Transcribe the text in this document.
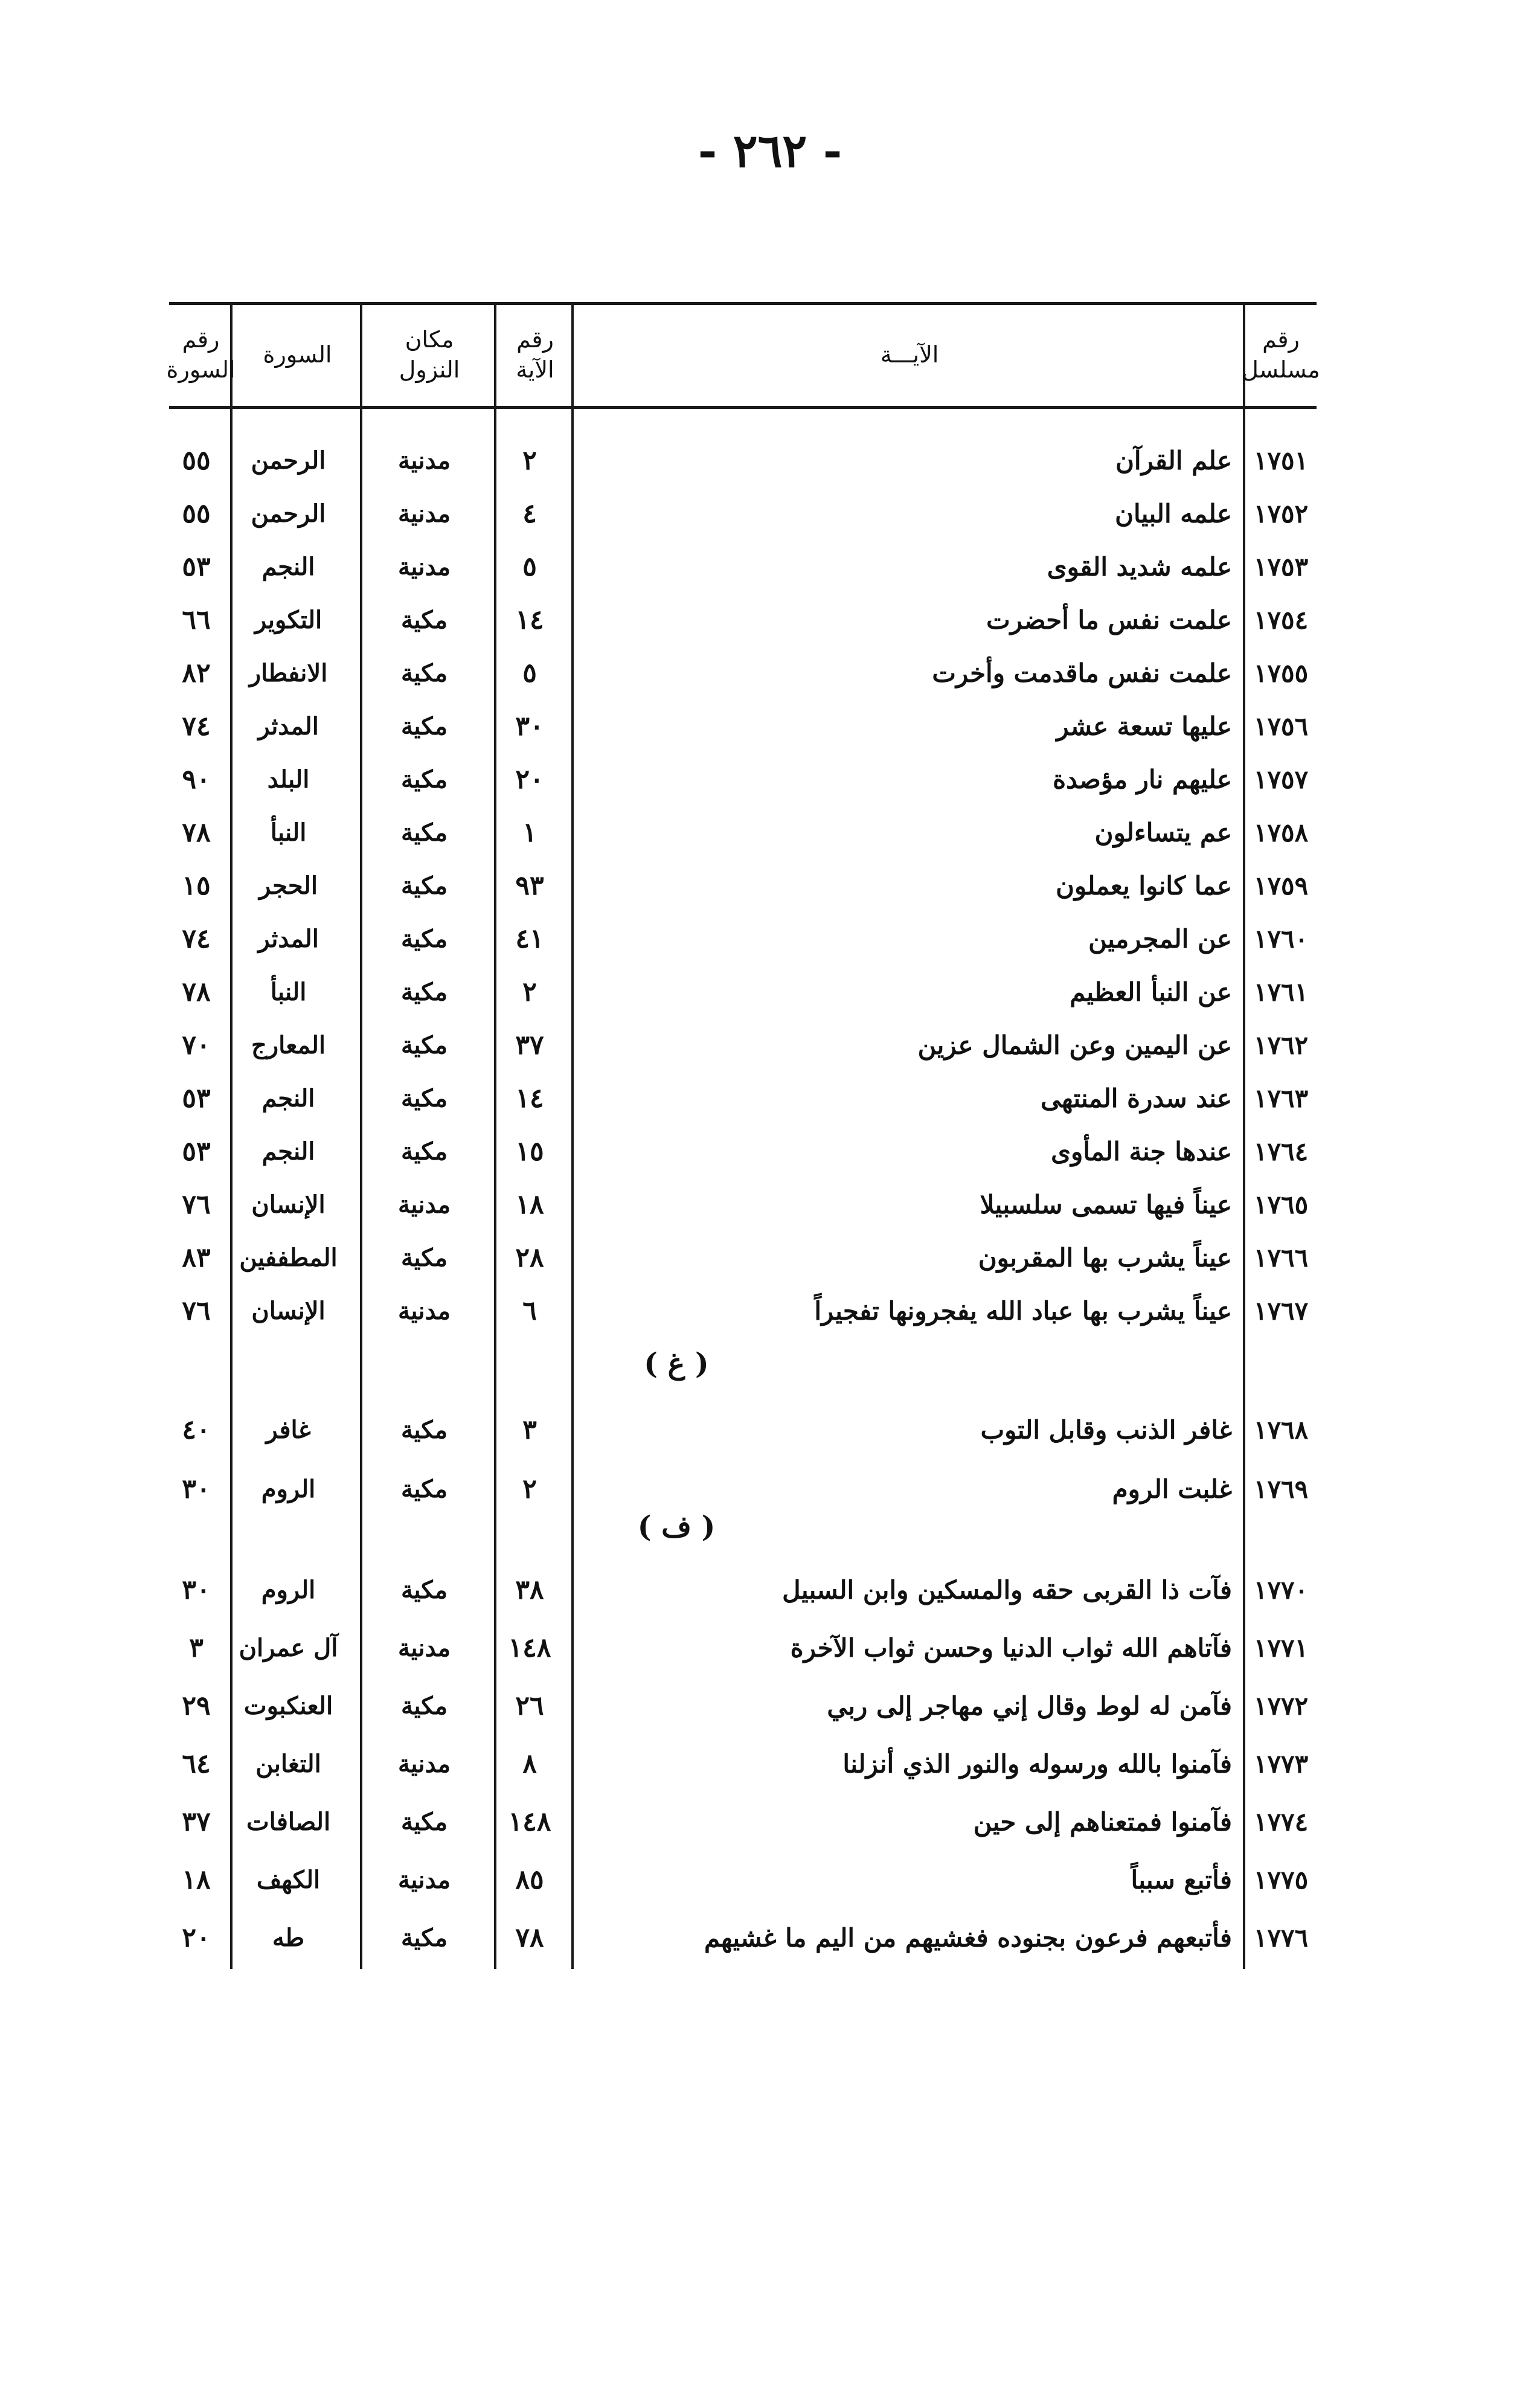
- ٢٦٢ -
رقم
مسلسل
الآيـــة
رقم
الآية
مكان
النزول
السورة
رقم
السورة
١٧٥١
علم القرآن
٢
مدنية
الرحمن
٥٥
١٧٥٢
علمه البيان
٤
مدنية
الرحمن
٥٥
١٧٥٣
علمه شديد القوى
٥
مدنية
النجم
٥٣
١٧٥٤
علمت نفس ما أحضرت
١٤
مكية
التكوير
٦٦
١٧٥٥
علمت نفس ماقدمت وأخرت
٥
مكية
الانفطار
٨٢
١٧٥٦
عليها تسعة عشر
٣٠
مكية
المدثر
٧٤
١٧٥٧
عليهم نار مؤصدة
٢٠
مكية
البلد
٩٠
١٧٥٨
عم يتساءلون
١
مكية
النبأ
٧٨
١٧٥٩
عما كانوا يعملون
٩٣
مكية
الحجر
١٥
١٧٦٠
عن المجرمين
٤١
مكية
المدثر
٧٤
١٧٦١
عن النبأ العظيم
٢
مكية
النبأ
٧٨
١٧٦٢
عن اليمين وعن الشمال عزين
٣٧
مكية
المعارج
٧٠
١٧٦٣
عند سدرة المنتهى
١٤
مكية
النجم
٥٣
١٧٦٤
عندها جنة المأوى
١٥
مكية
النجم
٥٣
١٧٦٥
عيناً فيها تسمى سلسبيلا
١٨
مدنية
الإنسان
٧٦
١٧٦٦
عيناً يشرب بها المقربون
٢٨
مكية
المطففين
٨٣
١٧٦٧
عيناً يشرب بها عباد الله يفجرونها تفجيراً
٦
مدنية
الإنسان
٧٦
( غ )
١٧٦٨
غافر الذنب وقابل التوب
٣
مكية
غافر
٤٠
١٧٦٩
غلبت الروم
٢
مكية
الروم
٣٠
( ف )
١٧٧٠
فآت ذا القربى حقه والمسكين وابن السبيل
٣٨
مكية
الروم
٣٠
١٧٧١
فآتاهم الله ثواب الدنيا وحسن ثواب الآخرة
١٤٨
مدنية
آل عمران
٣
١٧٧٢
فآمن له لوط وقال إني مهاجر إلى ربي
٢٦
مكية
العنكبوت
٢٩
١٧٧٣
فآمنوا بالله ورسوله والنور الذي أنزلنا
٨
مدنية
التغابن
٦٤
١٧٧٤
فآمنوا فمتعناهم إلى حين
١٤٨
مكية
الصافات
٣٧
١٧٧٥
فأتبع سبباً
٨٥
مدنية
الكهف
١٨
١٧٧٦
فأتبعهم فرعون بجنوده فغشيهم من اليم ما غشيهم
٧٨
مكية
طه
٢٠
